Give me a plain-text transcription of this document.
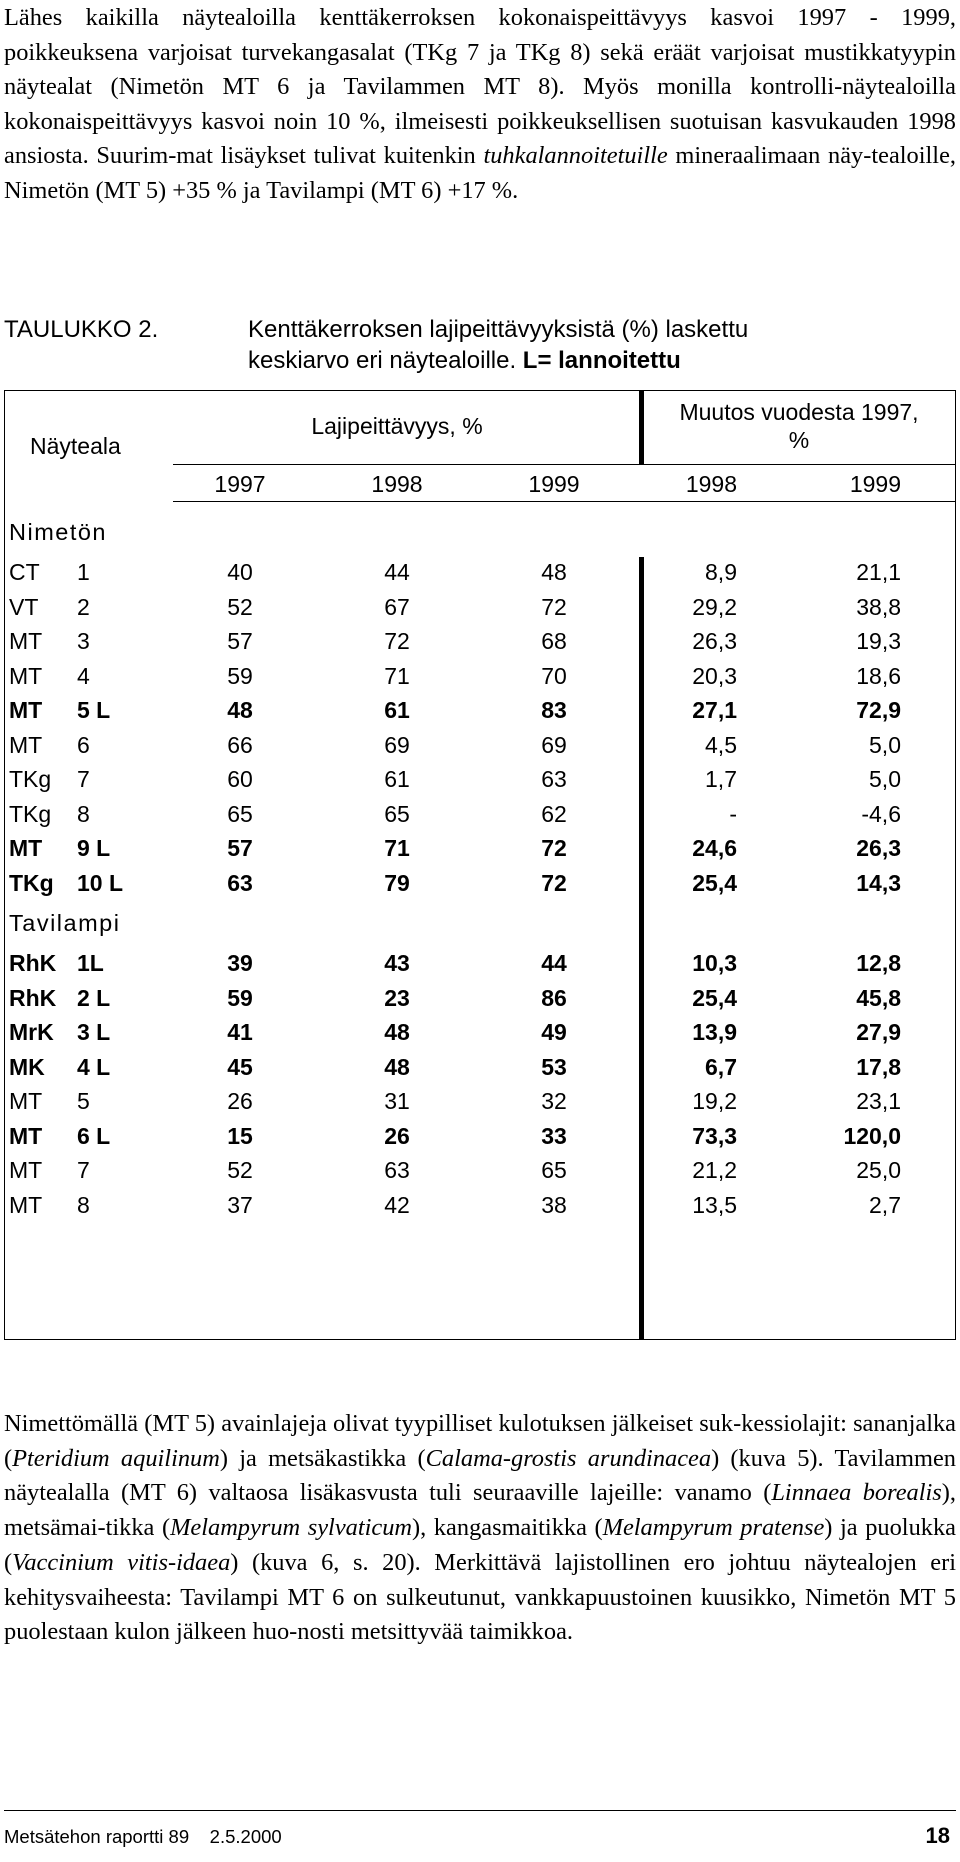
Lähes kaikilla näytealoilla kenttäkerroksen kokonaispeittävyys kasvoi 1997 - 1999, poikkeuksena varjoisat turvekangasalat (TKg 7 ja TKg 8) sekä eräät varjoisat mustikkatyypin näytealat (Nimetön MT 6 ja Tavilammen MT 8). Myös monilla kontrolli-näytealoilla kokonaispeittävyys kasvoi noin 10 %, ilmeisesti poikkeuksellisen suotuisan kasvukauden 1998 ansiosta. Suurim-mat lisäykset tulivat kuitenkin tuhkalannoitetuille mineraalimaan näy-tealoille, Nimetön (MT 5) +35 % ja Tavilampi (MT 6) +17 %.

TAULUKKO 2.	Kenttäkerroksen lajipeittävyyksistä (%) laskettu
keskiarvo eri näytealoille. L= lannoitettu
Näyteala
Lajipeittävyys, %
Muutos vuodesta 1997,
%
1997	1998	1999	1998	1999
Nimetön
CT 1	40	44	48	8,9	21,1
VT 2	52	67	72	29,2	38,8
MT 3	57	72	68	26,3	19,3
MT 4	59	71	70	20,3	18,6
MT 5 L	48	61	83	27,1	72,9
MT 6	66	69	69	4,5	5,0
TKg 7	60	61	63	1,7	5,0
TKg 8	65	65	62	-	-4,6
MT 9 L	57	71	72	24,6	26,3
TKg 10 L	63	79	72	25,4	14,3
Tavilampi
RhK 1L	39	43	44	10,3	12,8
RhK 2 L	59	23	86	25,4	45,8
MrK 3 L	41	48	49	13,9	27,9
MK 4 L	45	48	53	6,7	17,8
MT 5	26	31	32	19,2	23,1
MT 6 L	15	26	33	73,3	120,0
MT 7	52	63	65	21,2	25,0
MT 8	37	42	38	13,5	2,7

Nimettömällä (MT 5) avainlajeja olivat tyypilliset kulotuksen jälkeiset suk-kessiolajit: sananjalka (Pteridium aquilinum) ja metsäkastikka (Calama-grostis arundinacea) (kuva 5). Tavilammen näytealalla (MT 6) valtaosa lisäkasvusta tuli seuraaville lajeille: vanamo (Linnaea borealis), metsämai-tikka (Melampyrum sylvaticum), kangasmaitikka (Melampyrum pratense) ja puolukka (Vaccinium vitis-idaea) (kuva 6, s. 20). Merkittävä lajistollinen ero johtuu näytealojen eri kehitysvaiheesta: Tavilampi MT 6 on sulkeutunut, vankkapuustoinen kuusikko, Nimetön MT 5 puolestaan kulon jälkeen huo-nosti metsittyvää taimikkoa.

Metsätehon raportti 89    2.5.2000	18
